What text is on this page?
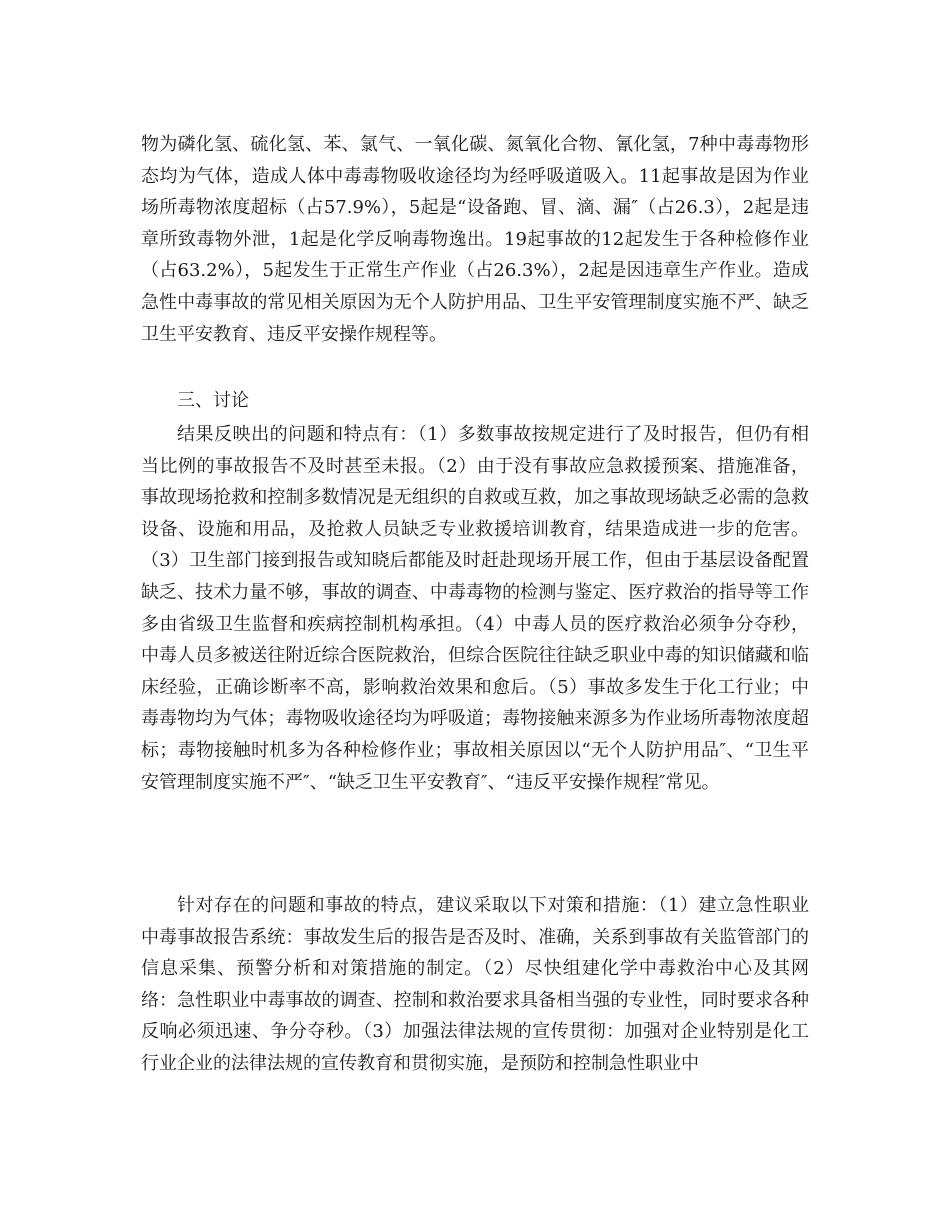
物为磷化氢、硫化氢、苯、氯气、一氧化碳、氮氧化合物、氰化氢，7种中毒毒物形态均为气体，造成人体中毒毒物吸收途径均为经呼吸道吸入。11起事故是因为作业场所毒物浓度超标（占57.9%），5起是“设备跑、冒、滴、漏″（占26.3），2起是违章所致毒物外泄，1起是化学反响毒物逸出。19起事故的12起发生于各种检修作业（占63.2%），5起发生于正常生产作业（占26.3%），2起是因违章生产作业。造成急性中毒事故的常见相关原因为无个人防护用品、卫生平安管理制度实施不严、缺乏卫生平安教育、违反平安操作规程等。

三、讨论

结果反映出的问题和特点有：（1）多数事故按规定进行了及时报告，但仍有相当比例的事故报告不及时甚至未报。（2）由于没有事故应急救援预案、措施准备，事故现场抢救和控制多数情况是无组织的自救或互救，加之事故现场缺乏必需的急救设备、设施和用品，及抢救人员缺乏专业救援培训教育，结果造成进一步的危害。（3）卫生部门接到报告或知晓后都能及时赶赴现场开展工作，但由于基层设备配置缺乏、技术力量不够，事故的调查、中毒毒物的检测与鉴定、医疗救治的指导等工作多由省级卫生监督和疾病控制机构承担。（4）中毒人员的医疗救治必须争分夺秒，中毒人员多被送往附近综合医院救治，但综合医院往往缺乏职业中毒的知识储藏和临床经验，正确诊断率不高，影响救治效果和愈后。（5）事故多发生于化工行业；中毒毒物均为气体；毒物吸收途径均为呼吸道；毒物接触来源多为作业场所毒物浓度超标；毒物接触时机多为各种检修作业；事故相关原因以“无个人防护用品″、“卫生平安管理制度实施不严″、“缺乏卫生平安教育″、“违反平安操作规程″常见。

针对存在的问题和事故的特点，建议采取以下对策和措施：（1）建立急性职业中毒事故报告系统：事故发生后的报告是否及时、准确，关系到事故有关监管部门的信息采集、预警分析和对策措施的制定。（2）尽快组建化学中毒救治中心及其网络：急性职业中毒事故的调查、控制和救治要求具备相当强的专业性，同时要求各种反响必须迅速、争分夺秒。（3）加强法律法规的宣传贯彻：加强对企业特别是化工行业企业的法律法规的宣传教育和贯彻实施，是预防和控制急性职业中
